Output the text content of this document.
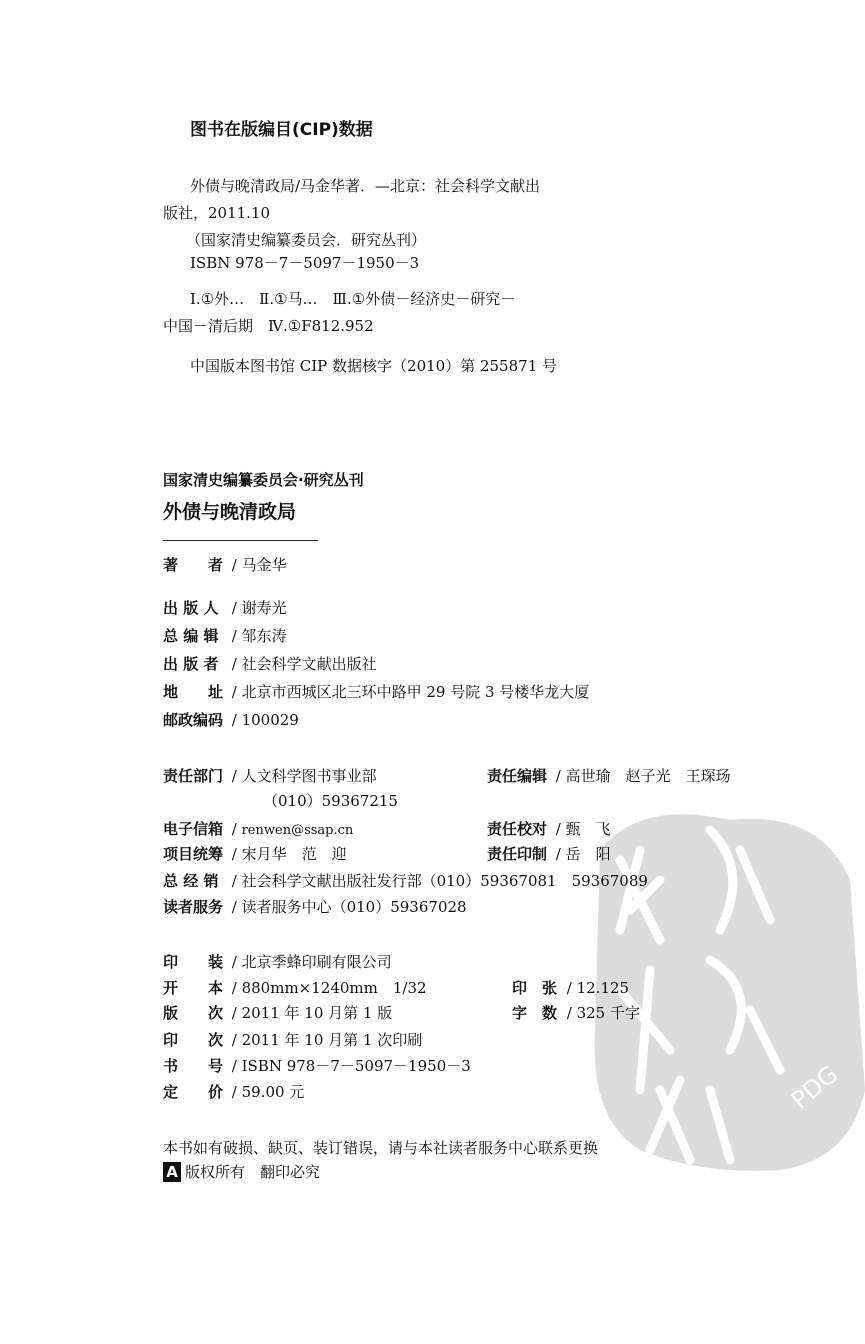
PDG
图书在版编目(CIP)数据
外债与晚清政局/马金华著．—北京：社会科学文献出
版社，2011.10
（国家清史编纂委员会．研究丛刊）
ISBN 978－7－5097－1950－3
Ⅰ.①外…　Ⅱ.①马…　Ⅲ.①外债－经济史－研究－
中国－清后期　Ⅳ.①F812.952
中国版本图书馆 CIP 数据核字（2010）第 255871 号
国家清史编纂委员会·研究丛刊
外债与晚清政局
著　　者 / 马金华
出 版 人 / 谢寿光
总 编 辑 / 邹东涛
出 版 者 / 社会科学文献出版社
地　　址 / 北京市西城区北三环中路甲 29 号院 3 号楼华龙大厦
邮政编码 / 100029
责任部门 / 人文科学图书事业部	责任编辑 / 高世瑜　赵子光　王琛玚
（010）59367215
电子信箱 / renwen@ssap.cn	责任校对 / 甄　飞
项目统筹 / 宋月华　范　迎	责任印制 / 岳　阳
总 经 销 / 社会科学文献出版社发行部（010）59367081　59367089
读者服务 / 读者服务中心（010）59367028
印　　装 / 北京季蜂印刷有限公司
开　　本 / 880mm×1240mm　1/32	印　张 / 12.125
版　　次 / 2011 年 10 月第 1 版	字　数 / 325 千字
印　　次 / 2011 年 10 月第 1 次印刷
书　　号 / ISBN 978－7－5097－1950－3
定　　价 / 59.00 元
本书如有破损、缺页、装订错误，请与本社读者服务中心联系更换
A 版权所有　翻印必究
